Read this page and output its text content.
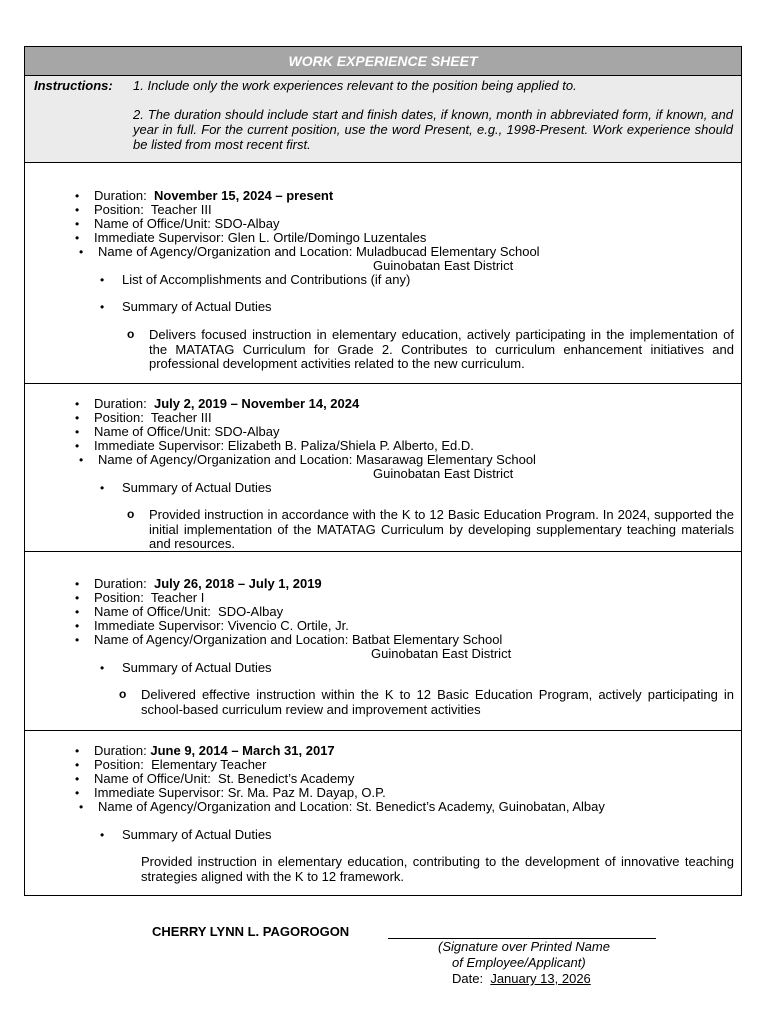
WORK EXPERIENCE SHEET
Instructions: 1. Include only the work experiences relevant to the position being applied to.
2. The duration should include start and finish dates, if known, month in abbreviated form, if known, and year in full. For the current position, use the word Present, e.g., 1998-Present. Work experience should be listed from most recent first.
• Duration: November 15, 2024 – present
• Position: Teacher III
• Name of Office/Unit: SDO-Albay
• Immediate Supervisor: Glen L. Ortile/Domingo Luzentales
• Name of Agency/Organization and Location: Muladbucad Elementary School
Guinobatan East District
• List of Accomplishments and Contributions (if any)
• Summary of Actual Duties
o Delivers focused instruction in elementary education, actively participating in the implementation of the MATATAG Curriculum for Grade 2. Contributes to curriculum enhancement initiatives and professional development activities related to the new curriculum.
• Duration: July 2, 2019 – November 14, 2024
• Position: Teacher III
• Name of Office/Unit: SDO-Albay
• Immediate Supervisor: Elizabeth B. Paliza/Shiela P. Alberto, Ed.D.
• Name of Agency/Organization and Location: Masarawag Elementary School
Guinobatan East District
• Summary of Actual Duties
o Provided instruction in accordance with the K to 12 Basic Education Program. In 2024, supported the initial implementation of the MATATAG Curriculum by developing supplementary teaching materials and resources.
• Duration: July 26, 2018 – July 1, 2019
• Position: Teacher I
• Name of Office/Unit: SDO-Albay
• Immediate Supervisor: Vivencio C. Ortile, Jr.
• Name of Agency/Organization and Location: Batbat Elementary School
Guinobatan East District
• Summary of Actual Duties
o Delivered effective instruction within the K to 12 Basic Education Program, actively participating in school-based curriculum review and improvement activities
• Duration: June 9, 2014 – March 31, 2017
• Position: Elementary Teacher
• Name of Office/Unit: St. Benedict’s Academy
• Immediate Supervisor: Sr. Ma. Paz M. Dayap, O.P.
• Name of Agency/Organization and Location: St. Benedict’s Academy, Guinobatan, Albay
• Summary of Actual Duties
Provided instruction in elementary education, contributing to the development of innovative teaching strategies aligned with the K to 12 framework.
CHERRY LYNN L. PAGOROGON
(Signature over Printed Name
of Employee/Applicant)
Date: January 13, 2026
